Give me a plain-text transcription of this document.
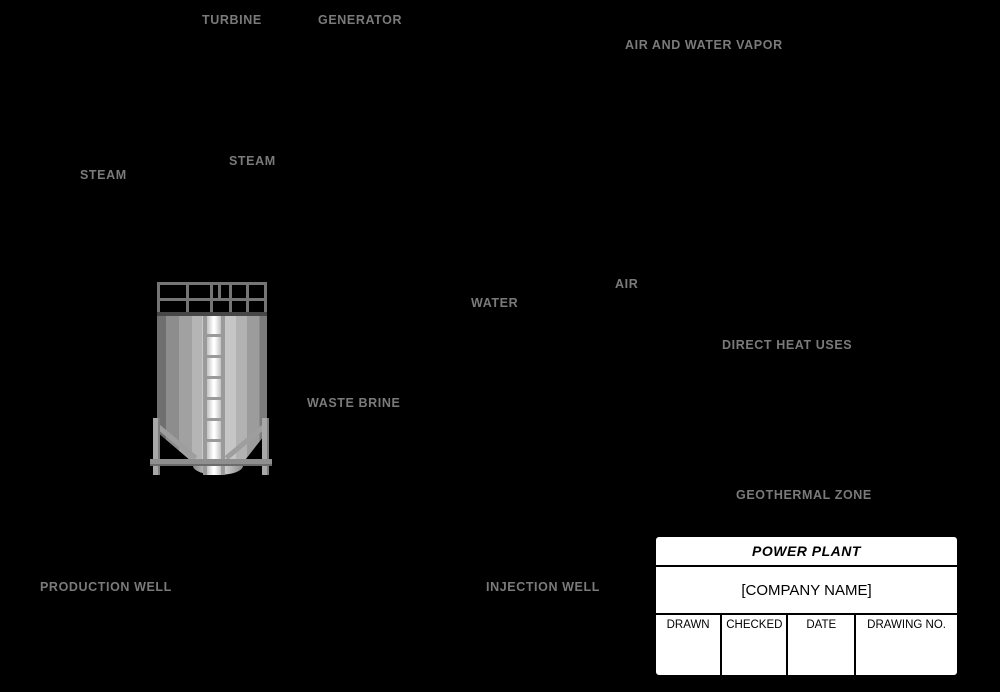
TURBINE	GENERATOR
AIR AND WATER VAPOR
STEAM
STEAM
AIR
WATER
DIRECT HEAT USES
WASTE BRINE
GEOTHERMAL ZONE
PRODUCTION WELL	INJECTION WELL
POWER PLANT
[COMPANY NAME]
DRAWN	CHECKED	DATE	DRAWING NO.
